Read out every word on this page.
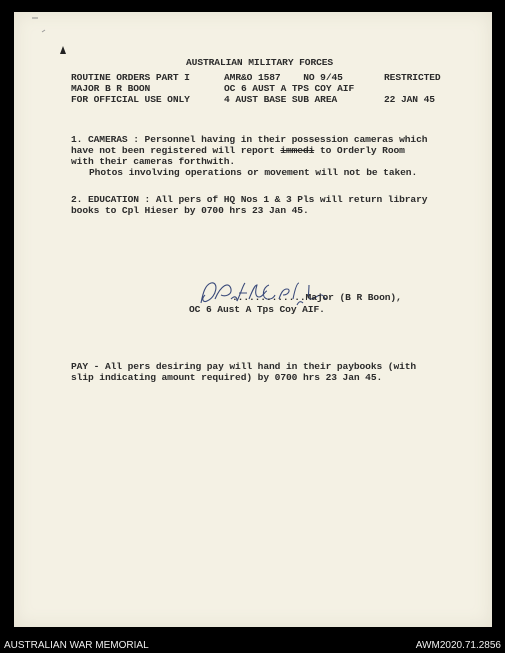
AUSTRALIAN MILITARY FORCES
ROUTINE ORDERS PART I	AMR&O 1587    NO 9/45	RESTRICTED
MAJOR B R BOON	OC 6 AUST A TPS COY AIF
FOR OFFICIAL USE ONLY	4 AUST BASE SUB AREA	22 JAN 45
1. CAMERAS : Personnel having in their possession cameras which
have not been registered will report immedi to Orderly Room
with their cameras forthwith.
Photos involving operations or movement will not be taken.
2. EDUCATION : All pers of HQ Nos 1 & 3 Pls will return library
books to Cpl Hieser by 0700 hrs 23 Jan 45.
.............Major (B R Boon),
OC 6 Aust A Tps Coy AIF.
PAY - All pers desiring pay will hand in their paybooks (with
slip indicating amount required) by 0700 hrs 23 Jan 45.
AUSTRALIAN WAR MEMORIAL	AWM2020.71.2856
